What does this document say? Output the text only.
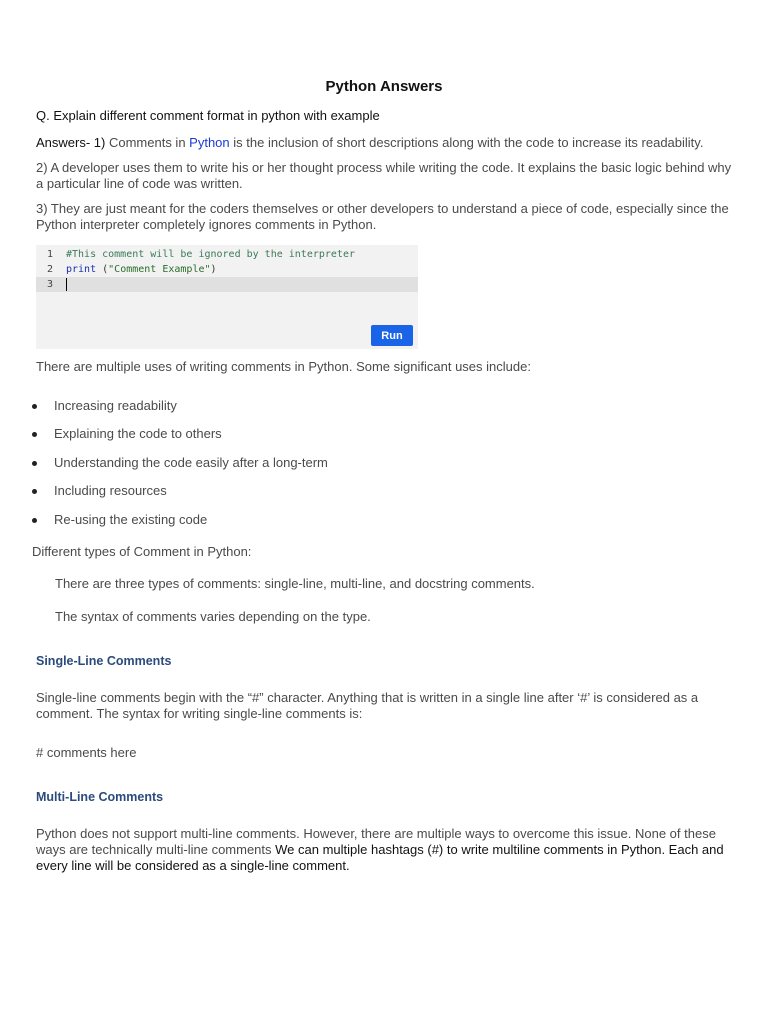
Python Answers
Q. Explain different comment format in python with example
Answers- 1) Comments in Python is the inclusion of short descriptions along with the code to increase its readability.
2) A developer uses them to write his or her thought process while writing the code. It explains the basic logic behind why a particular line of code was written.
3) They are just meant for the coders themselves or other developers to understand a piece of code, especially since the Python interpreter completely ignores comments in Python.
1 #This comment will be ignored by the interpreter
2 print ("Comment Example")
3
Run
There are multiple uses of writing comments in Python. Some significant uses include:
Increasing readability
Explaining the code to others
Understanding the code easily after a long-term
Including resources
Re-using the existing code
Different types of Comment in Python:
There are three types of comments: single-line, multi-line, and docstring comments.
The syntax of comments varies depending on the type.
Single-Line Comments
Single-line comments begin with the “#” character. Anything that is written in a single line after ‘#’ is considered as a comment. The syntax for writing single-line comments is:
# comments here
Multi-Line Comments
Python does not support multi-line comments. However, there are multiple ways to overcome this issue. None of these ways are technically multi-line comments We can multiple hashtags (#) to write multiline comments in Python. Each and every line will be considered as a single-line comment.
